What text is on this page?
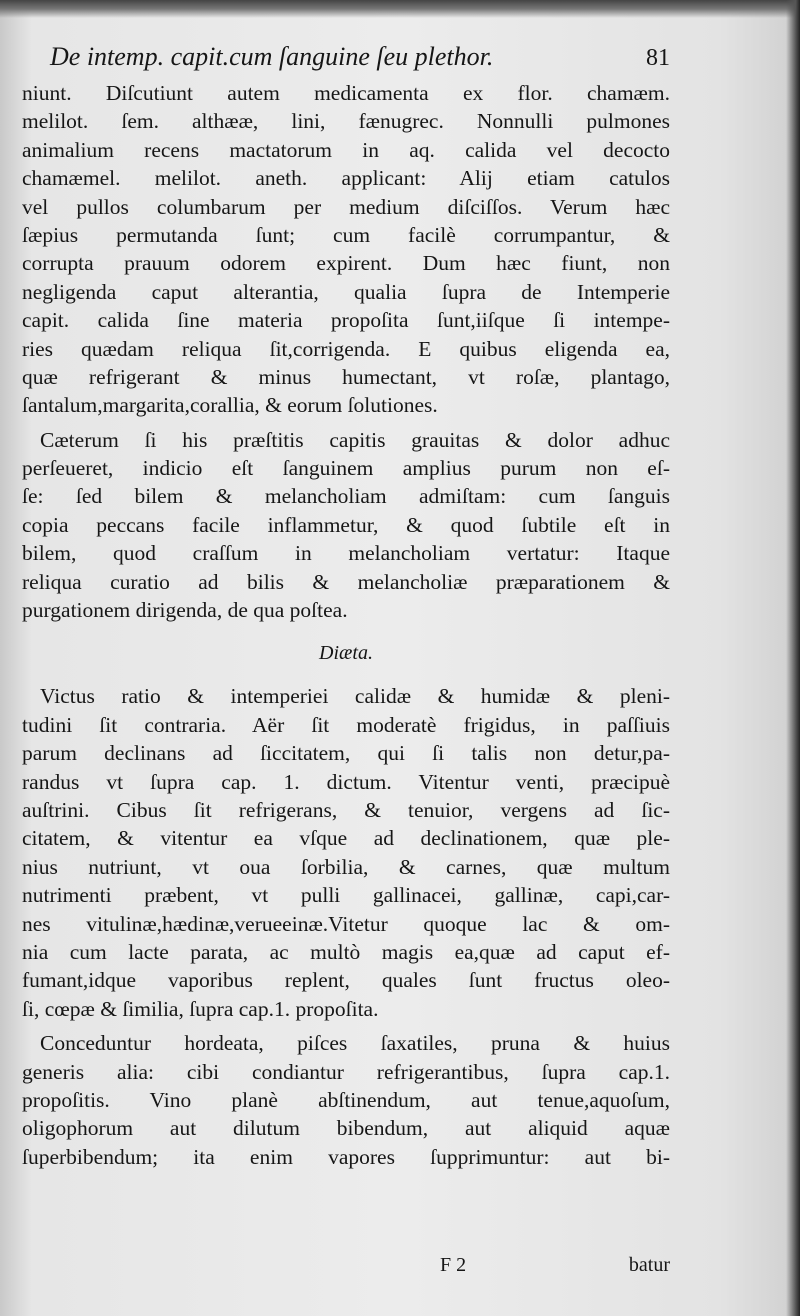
De intemp. capit.cum ſanguine ſeu plethor.	81
niunt. Diſcutiunt autem medicamenta ex flor. chamæm.
melilot. ſem. althææ, lini, fænugrec. Nonnulli pulmones
animalium recens mactatorum in aq. calida vel decocto
chamæmel. melilot. aneth. applicant: Alij etiam catulos
vel pullos columbarum per medium diſciſſos. Verum hæc
ſæpius permutanda ſunt; cum facilè corrumpantur, &
corrupta prauum odorem expirent. Dum hæc fiunt, non
negligenda caput alterantia, qualia ſupra de Intemperie
capit. calida ſine materia propoſita ſunt,iiſque ſi intempe-
ries quædam reliqua ſit,corrigenda. E quibus eligenda ea,
quæ refrigerant & minus humectant, vt roſæ, plantago,
ſantalum,margarita,corallia, & eorum ſolutiones.
Cæterum ſi his præſtitis capitis grauitas & dolor adhuc
perſeueret, indicio eſt ſanguinem amplius purum non eſ-
ſe: ſed bilem & melancholiam admiſtam: cum ſanguis
copia peccans facile inflammetur, & quod ſubtile eſt in
bilem, quod craſſum in melancholiam vertatur: Itaque
reliqua curatio ad bilis & melancholiæ præparationem &
purgationem dirigenda, de qua poſtea.
Diæta.
Victus ratio & intemperiei calidæ & humidæ & pleni-
tudini ſit contraria. Aër ſit moderatè frigidus, in paſſiuis
parum declinans ad ſiccitatem, qui ſi talis non detur,pa-
randus vt ſupra cap. 1. dictum. Vitentur venti, præcipuè
auſtrini. Cibus ſit refrigerans, & tenuior, vergens ad ſic-
citatem, & vitentur ea vſque ad declinationem, quæ ple-
nius nutriunt, vt oua ſorbilia, & carnes, quæ multum
nutrimenti præbent, vt pulli gallinacei, gallinæ, capi,car-
nes vitulinæ,hædinæ,verueeinæ.Vitetur quoque lac & om-
nia cum lacte parata, ac multò magis ea,quæ ad caput ef-
fumant,idque vaporibus replent, quales ſunt fructus oleo-
ſi, cœpæ & ſimilia, ſupra cap.1. propoſita.
Conceduntur hordeata, piſces ſaxatiles, pruna & huius
generis alia: cibi condiantur refrigerantibus, ſupra cap.1.
propoſitis. Vino planè abſtinendum, aut tenue,aquoſum,
oligophorum aut dilutum bibendum, aut aliquid aquæ
ſuperbibendum; ita enim vapores ſupprimuntur: aut bi-
F 2	batur
